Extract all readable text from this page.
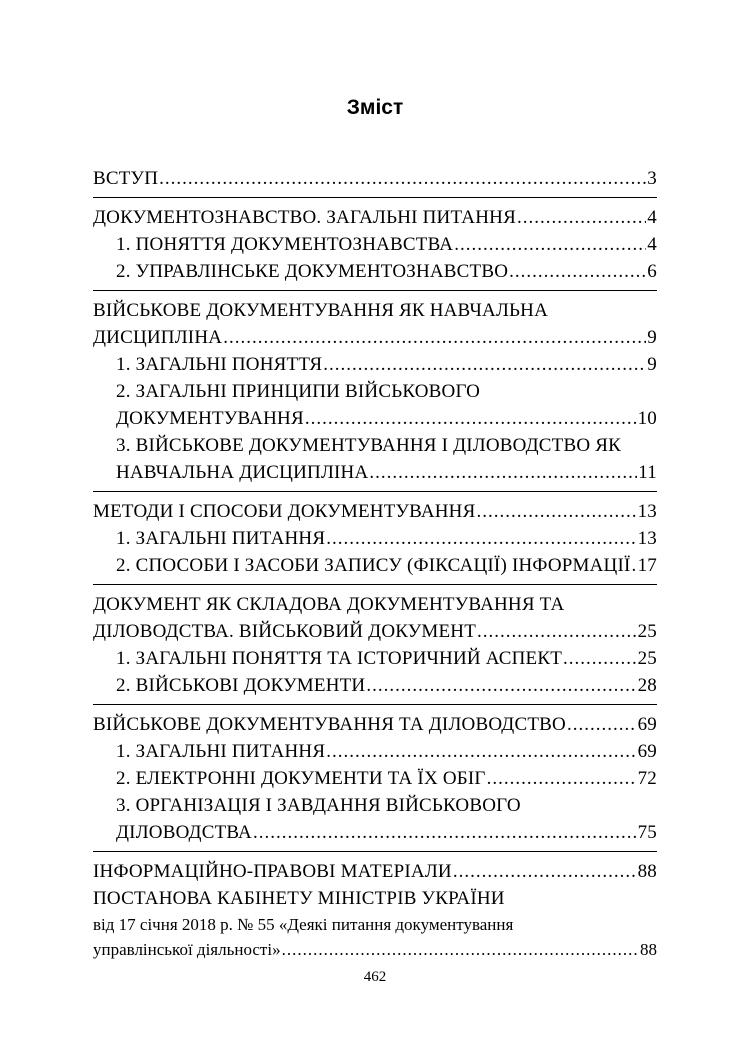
Зміст
ВСТУП .....	3
ДОКУМЕНТОЗНАВСТВО. ЗАГАЛЬНІ ПИТАННЯ .....	4
1. ПОНЯТТЯ ДОКУМЕНТОЗНАВСТВА .....	4
2. УПРАВЛІНСЬКЕ ДОКУМЕНТОЗНАВСТВО .....	6
ВІЙСЬКОВЕ ДОКУМЕНТУВАННЯ ЯК НАВЧАЛЬНА
ДИСЦИПЛІНА .....	9
1. ЗАГАЛЬНІ ПОНЯТТЯ .....	9
2. ЗАГАЛЬНІ ПРИНЦИПИ ВІЙСЬКОВОГО
ДОКУМЕНТУВАННЯ .....	10
3. ВІЙСЬКОВЕ ДОКУМЕНТУВАННЯ І ДІЛОВОДСТВО ЯК
НАВЧАЛЬНА ДИСЦИПЛІНА .....	11
МЕТОДИ І СПОСОБИ ДОКУМЕНТУВАННЯ .....	13
1. ЗАГАЛЬНІ ПИТАННЯ .....	13
2. СПОСОБИ І ЗАСОБИ ЗАПИСУ (ФІКСАЦІЇ) ІНФОРМАЦІЇ ..... 17
ДОКУМЕНТ ЯК СКЛАДОВА ДОКУМЕНТУВАННЯ ТА
ДІЛОВОДСТВА. ВІЙСЬКОВИЙ ДОКУМЕНТ .....	25
1. ЗАГАЛЬНІ ПОНЯТТЯ ТА ІСТОРИЧНИЙ АСПЕКТ .....	25
2. ВІЙСЬКОВІ ДОКУМЕНТИ .....	28
ВІЙСЬКОВЕ ДОКУМЕНТУВАННЯ ТА ДІЛОВОДСТВО .....	69
1. ЗАГАЛЬНІ ПИТАННЯ .....	69
2. ЕЛЕКТРОННІ ДОКУМЕНТИ ТА ЇХ ОБІГ .....	72
3. ОРГАНІЗАЦІЯ І ЗАВДАННЯ ВІЙСЬКОВОГО
ДІЛОВОДСТВА .....	75
ІНФОРМАЦІЙНО-ПРАВОВІ МАТЕРІАЛИ .....	88
ПОСТАНОВА КАБІНЕТУ МІНІСТРІВ УКРАЇНИ
від 17 січня 2018 р. № 55 «Деякі питання документування
управлінської діяльності» .....	88
462
